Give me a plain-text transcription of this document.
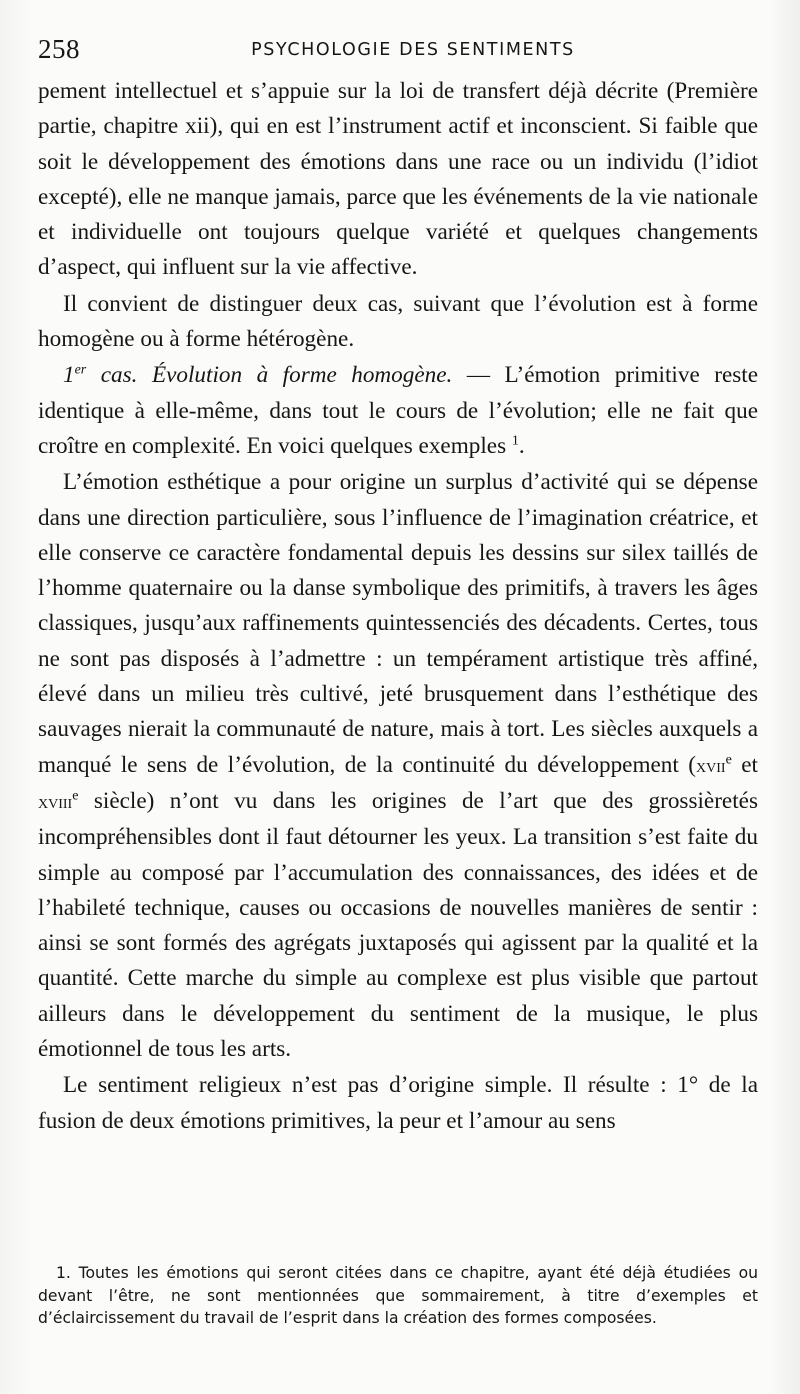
258	PSYCHOLOGIE DES SENTIMENTS

pement intellectuel et s’appuie sur la loi de transfert déjà décrite (Première partie, chapitre xii), qui en est l’instrument actif et inconscient. Si faible que soit le développement des émotions dans une race ou un individu (l’idiot excepté), elle ne manque jamais, parce que les événements de la vie nationale et individuelle ont toujours quelque variété et quelques changements d’aspect, qui influent sur la vie affective.

Il convient de distinguer deux cas, suivant que l’évolution est à forme homogène ou à forme hétérogène.

1er cas. Évolution à forme homogène. — L’émotion primitive reste identique à elle-même, dans tout le cours de l’évolution; elle ne fait que croître en complexité. En voici quelques exemples $^1$.

L’émotion esthétique a pour origine un surplus d’activité qui se dépense dans une direction particulière, sous l’influence de l’imagination créatrice, et elle conserve ce caractère fondamental depuis les dessins sur silex taillés de l’homme quaternaire ou la danse symbolique des primitifs, à travers les âges classiques, jusqu’aux raffinements quintessenciés des décadents. Certes, tous ne sont pas disposés à l’admettre : un tempérament artistique très affiné, élevé dans un milieu très cultivé, jeté brusquement dans l’esthétique des sauvages nierait la communauté de nature, mais à tort. Les siècles auxquels a manqué le sens de l’évolution, de la continuité du développement (xvii$^e$ et xviii$^e$ siècle) n’ont vu dans les origines de l’art que des grossièretés incompréhensibles dont il faut détourner les yeux. La transition s’est faite du simple au composé par l’accumulation des connaissances, des idées et de l’habileté technique, causes ou occasions de nouvelles manières de sentir : ainsi se sont formés des agrégats juxtaposés qui agissent par la qualité et la quantité. Cette marche du simple au complexe est plus visible que partout ailleurs dans le développement du sentiment de la musique, le plus émotionnel de tous les arts.

Le sentiment religieux n’est pas d’origine simple. Il résulte : 1° de la fusion de deux émotions primitives, la peur et l’amour au sens

1. Toutes les émotions qui seront citées dans ce chapitre, ayant été déjà étudiées ou devant l’être, ne sont mentionnées que sommairement, à titre d’exemples et d’éclaircissement du travail de l’esprit dans la création des formes composées.
